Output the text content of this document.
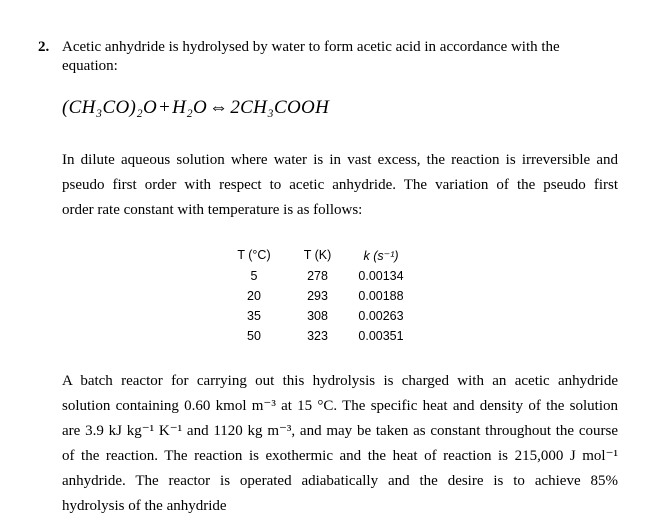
2. Acetic anhydride is hydrolysed by water to form acetic acid in accordance with the
equation:
(CH₃CO)₂O + H₂O ⇔ 2CH₃COOH
In dilute aqueous solution where water is in vast excess, the reaction is irreversible and
pseudo first order with respect to acetic anhydride. The variation of the pseudo first
order rate constant with temperature is as follows:
T (°C)	T (K)	k (s⁻¹)
5	278	0.00134
20	293	0.00188
35	308	0.00263
50	323	0.00351
A batch reactor for carrying out this hydrolysis is charged with an acetic anhydride
solution containing 0.60 kmol m⁻³ at 15 °C. The specific heat and density of the solution
are 3.9 kJ kg⁻¹ K⁻¹ and 1120 kg m⁻³, and may be taken as constant throughout the course
of the reaction. The reaction is exothermic and the heat of reaction is 215,000 J mol⁻¹
anhydride. The reactor is operated adiabatically and the desire is to achieve 85%
hydrolysis of the anhydride
